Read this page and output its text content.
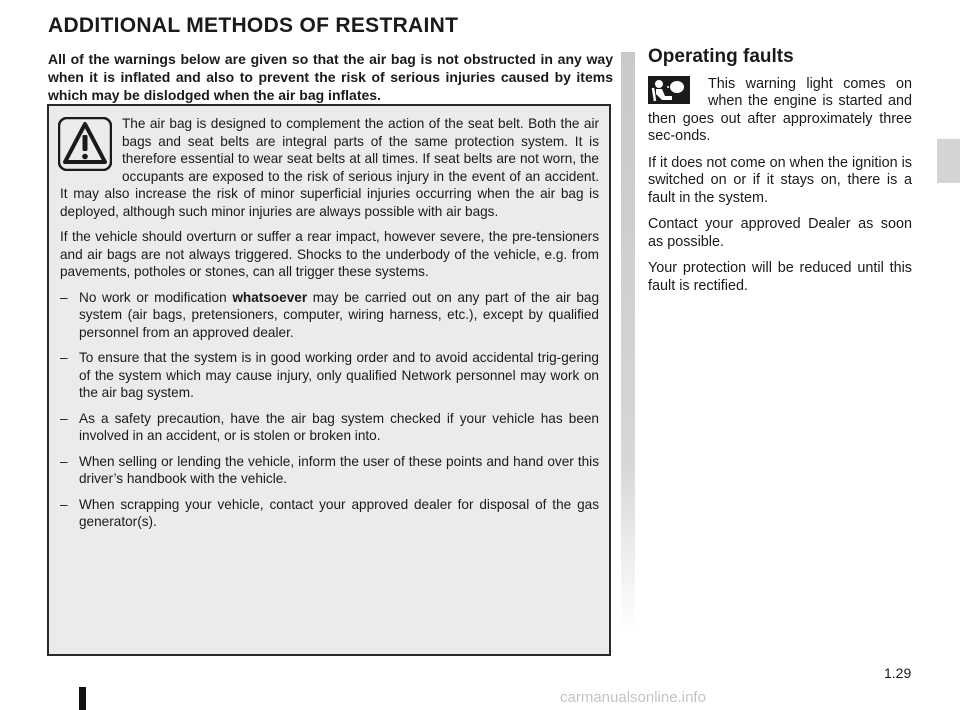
ADDITIONAL METHODS OF RESTRAINT

All of the warnings below are given so that the air bag is not obstructed in any way when it is inflated and also to prevent the risk of serious injuries caused by items which may be dislodged when the air bag inflates.

The air bag is designed to complement the action of the seat belt. Both the air bags and seat belts are integral parts of the same protection system. It is therefore essential to wear seat belts at all times. If seat belts are not worn, the occupants are exposed to the risk of serious injury in the event of an accident. It may also increase the risk of minor superficial injuries occurring when the air bag is deployed, although such minor injuries are always possible with air bags.

If the vehicle should overturn or suffer a rear impact, however severe, the pre-tensioners and air bags are not always triggered. Shocks to the underbody of the vehicle, e.g. from pavements, potholes or stones, can all trigger these systems.

– No work or modification whatsoever may be carried out on any part of the air bag system (air bags, pretensioners, computer, wiring harness, etc.), except by qualified personnel from an approved dealer.
– To ensure that the system is in good working order and to avoid accidental trig-gering of the system which may cause injury, only qualified Network personnel may work on the air bag system.
– As a safety precaution, have the air bag system checked if your vehicle has been involved in an accident, or is stolen or broken into.
– When selling or lending the vehicle, inform the user of these points and hand over this driver’s handbook with the vehicle.
– When scrapping your vehicle, contact your approved dealer for disposal of the gas generator(s).
Operating faults

This warning light comes on when the engine is started and then goes out after approximately three sec-onds.

If it does not come on when the ignition is switched on or if it stays on, there is a fault in the system.

Contact your approved Dealer as soon as possible.

Your protection will be reduced until this fault is rectified.

1.29
carmanualsonline.info
